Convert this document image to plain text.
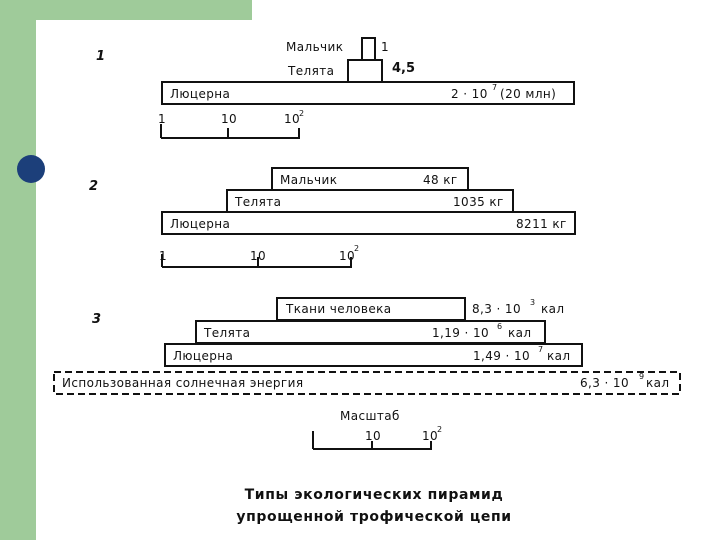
1
Мальчик	1
Телята	4,5
Люцерна	2 · 10 7 (20 млн)
1	10	10
2
2	Мальчик	48 кг
Телята	1035 кг
Люцерна	8211 кг
1	10	10
2
3
Ткани человека	8,3 · 10 3 кал
Телята	1,19 · 10 6 кал
Люцерна	1,49 · 10 7 кал
Использованная солнечная энергия	6,3 · 10 9 кал
Масштаб
10	10
2
Типы экологических пирамид
упрощенной трофической цепи
